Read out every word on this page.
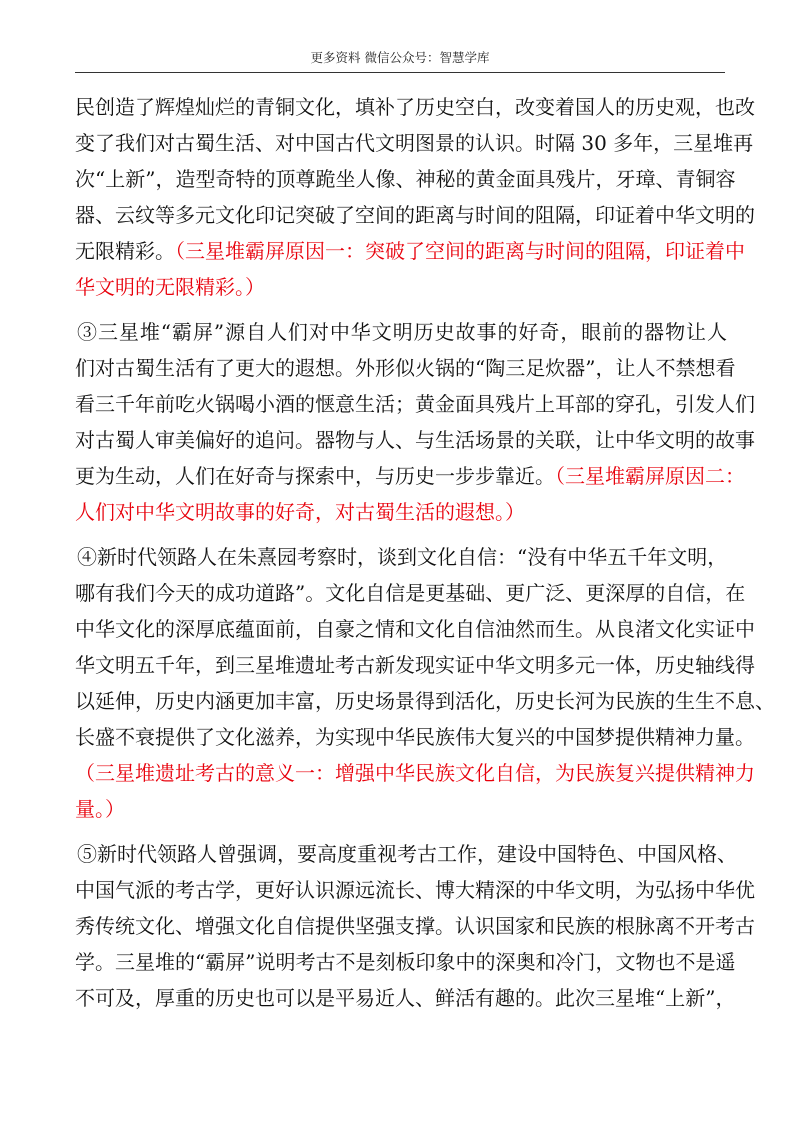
更多资料 微信公众号：智慧学库
民创造了辉煌灿烂的青铜文化，填补了历史空白，改变着国人的历史观，也改
变了我们对古蜀生活、对中国古代文明图景的认识。时隔 30 多年，三星堆再
次“上新”，造型奇特的顶尊跪坐人像、神秘的黄金面具残片，牙璋、青铜容
器、云纹等多元文化印记突破了空间的距离与时间的阻隔，印证着中华文明的
无限精彩。（三星堆霸屏原因一：突破了空间的距离与时间的阻隔，印证着中
华文明的无限精彩。）
③三星堆“霸屏”源自人们对中华文明历史故事的好奇，眼前的器物让人
们对古蜀生活有了更大的遐想。外形似火锅的“陶三足炊器”，让人不禁想看
看三千年前吃火锅喝小酒的惬意生活；黄金面具残片上耳部的穿孔，引发人们
对古蜀人审美偏好的追问。器物与人、与生活场景的关联，让中华文明的故事
更为生动，人们在好奇与探索中，与历史一步步靠近。（三星堆霸屏原因二：
人们对中华文明故事的好奇，对古蜀生活的遐想。）
④新时代领路人在朱熹园考察时，谈到文化自信：“没有中华五千年文明，
哪有我们今天的成功道路”。文化自信是更基础、更广泛、更深厚的自信，在
中华文化的深厚底蕴面前，自豪之情和文化自信油然而生。从良渚文化实证中
华文明五千年，到三星堆遗址考古新发现实证中华文明多元一体，历史轴线得
以延伸，历史内涵更加丰富，历史场景得到活化，历史长河为民族的生生不息、
长盛不衰提供了文化滋养，为实现中华民族伟大复兴的中国梦提供精神力量。
（三星堆遗址考古的意义一：增强中华民族文化自信，为民族复兴提供精神力
量。）
⑤新时代领路人曾强调，要高度重视考古工作，建设中国特色、中国风格、
中国气派的考古学，更好认识源远流长、博大精深的中华文明，为弘扬中华优
秀传统文化、增强文化自信提供坚强支撑。认识国家和民族的根脉离不开考古
学。三星堆的“霸屏”说明考古不是刻板印象中的深奥和冷门，文物也不是遥
不可及，厚重的历史也可以是平易近人、鲜活有趣的。此次三星堆“上新”，
